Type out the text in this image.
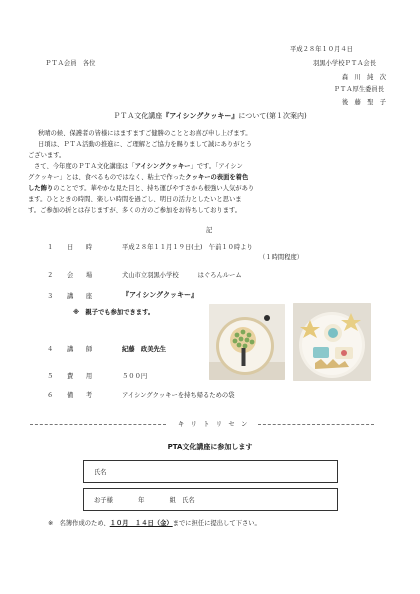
平成２８年１０月４日
ＰＴＡ会員　各位	羽黒小学校ＰＴＡ会長
森　川　純　次
ＰＴＡ厚生委員長
後　藤　聖　子
ＰＴＡ文化講座『アイシングクッキー』について(第１次案内)
秋晴の候、保護者の皆様にはますますご健勝のこととお喜び申し上げます。
日頃は、ＰＴＡ活動の推進に、ご理解とご協力を賜りまして誠にありがとう
ございます。
さて、今年度のＰＴＡ文化講座は「アイシングクッキー」です。「アイシン
グクッキー」とは、食べるものではなく、粘土で作ったクッキーの表面を着色
した飾りのことです。華やかな見た目と、持ち運びやすさから根強い人気があり
ます。ひとときの時間、楽しい時間を過ごし、明日の活力としたいと思いま
す。ご参加の折とは存じますが、多くの方のご参加をお待ちしております。
記
１ 日　　時	平成２８年１１月１９日(土)　午前１０時より
（１時間程度）
２ 会　　場	犬山市立羽黒小学校　　　はぐろんルーム
３ 講　　座	『アイシングクッキー』
※　親子でも参加できます。
４ 講　　師	紀藤　政美先生
５ 費　　用	５００円
６ 備　　考	アイシングクッキーを持ち帰るための袋
キ　リ　ト　リ　セ　ン
PTA文化講座に参加します
氏名
お子様　　　　年　　　　組　氏名
※　名簿作成のため、１０月　１４日（金）までに担任に提出して下さい。
